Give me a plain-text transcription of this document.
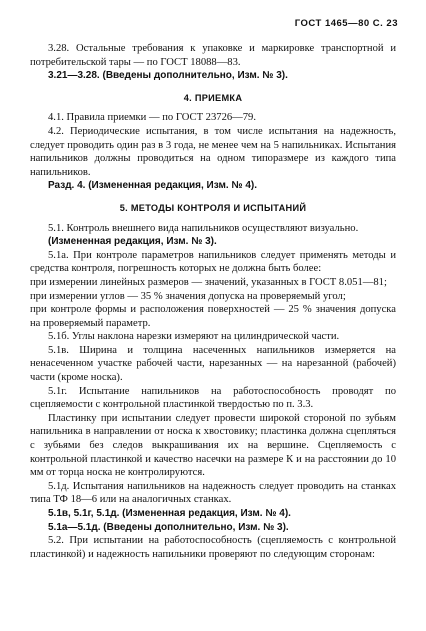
ГОСТ 1465—80 С. 23

3.28. Остальные требования к упаковке и маркировке транспортной и потребительской тары — по ГОСТ 18088—83.

3.21—3.28. (Введены дополнительно, Изм. № 3).

4. ПРИЕМКА

4.1. Правила приемки — по ГОСТ 23726—79.

4.2. Периодические испытания, в том числе испытания на надежность, следует проводить один раз в 3 года, не менее чем на 5 напильниках. Испытания напильников должны проводиться на одном типоразмере из каждого типа напильников.

Разд. 4. (Измененная редакция, Изм. № 4).

5. МЕТОДЫ КОНТРОЛЯ И ИСПЫТАНИЙ

5.1. Контроль внешнего вида напильников осуществляют визуально.

(Измененная редакция, Изм. № 3).

5.1а. При контроле параметров напильников следует применять методы и средства контроля, погрешность которых не должна быть более:

при измерении линейных размеров — значений, указанных в ГОСТ 8.051—81;

при измерении углов — 35 % значения допуска на проверяемый угол;

при контроле формы и расположения поверхностей — 25 % значения допуска на проверяемый параметр.

5.1б. Углы наклона нарезки измеряют на цилиндрической части.

5.1в. Ширина и толщина насеченных напильников измеряется на ненасеченном участке рабочей части, нарезанных — на нарезанной (рабочей) части (кроме носка).

5.1г. Испытание напильников на работоспособность проводят по сцепляемости с контрольной пластинкой твердостью по п. 3.3.

Пластинку при испытании следует провести широкой стороной по зубьям напильника в направлении от носка к хвостовику; пластинка должна сцепляться с зубьями без следов выкрашивания их на вершине. Сцепляемость с контрольной пластинкой и качество насечки на размере К и на расстоянии до 10 мм от торца носка не контролируются.

5.1д. Испытания напильников на надежность следует проводить на станках типа ТФ 18—6 или на аналогичных станках.

5.1в, 5.1г, 5.1д. (Измененная редакция, Изм. № 4).

5.1а—5.1д. (Введены дополнительно, Изм. № 3).

5.2. При испытании на работоспособность (сцепляемость с контрольной пластинкой) и надежность напильники проверяют по следующим сторонам:
